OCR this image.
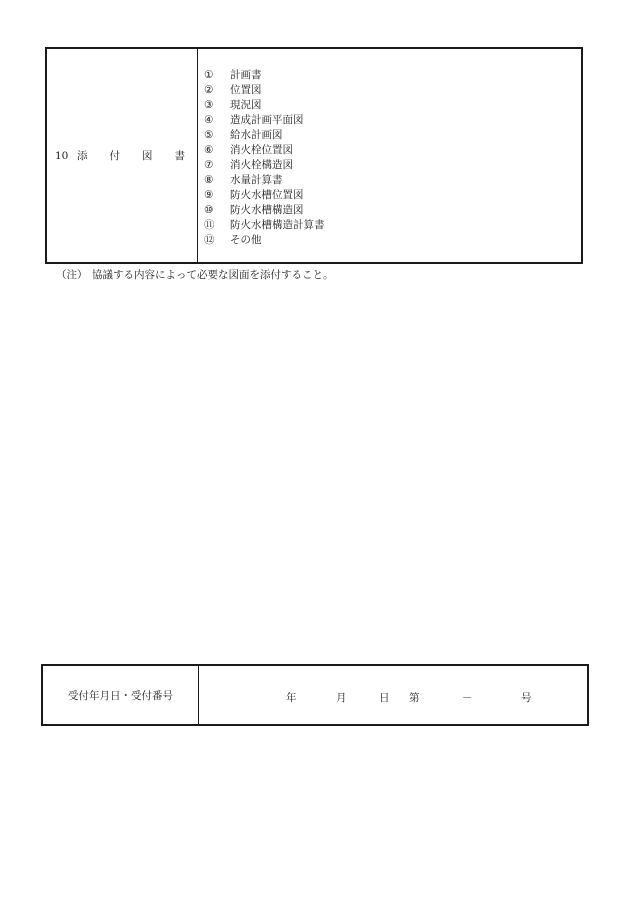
10 添 付 図 書
①	計画書
②	位置図
③	現況図
④	造成計画平面図
⑤	給水計画図
⑥	消火栓位置図
⑦	消火栓構造図
⑧	水量計算書
⑨	防火水槽位置図
⑩	防火水槽構造図
⑪	防火水槽構造計算書
⑫	その他
（注） 協議する内容によって必要な図面を添付すること。
受付年月日・受付番号	年	月	日 第	－	号
